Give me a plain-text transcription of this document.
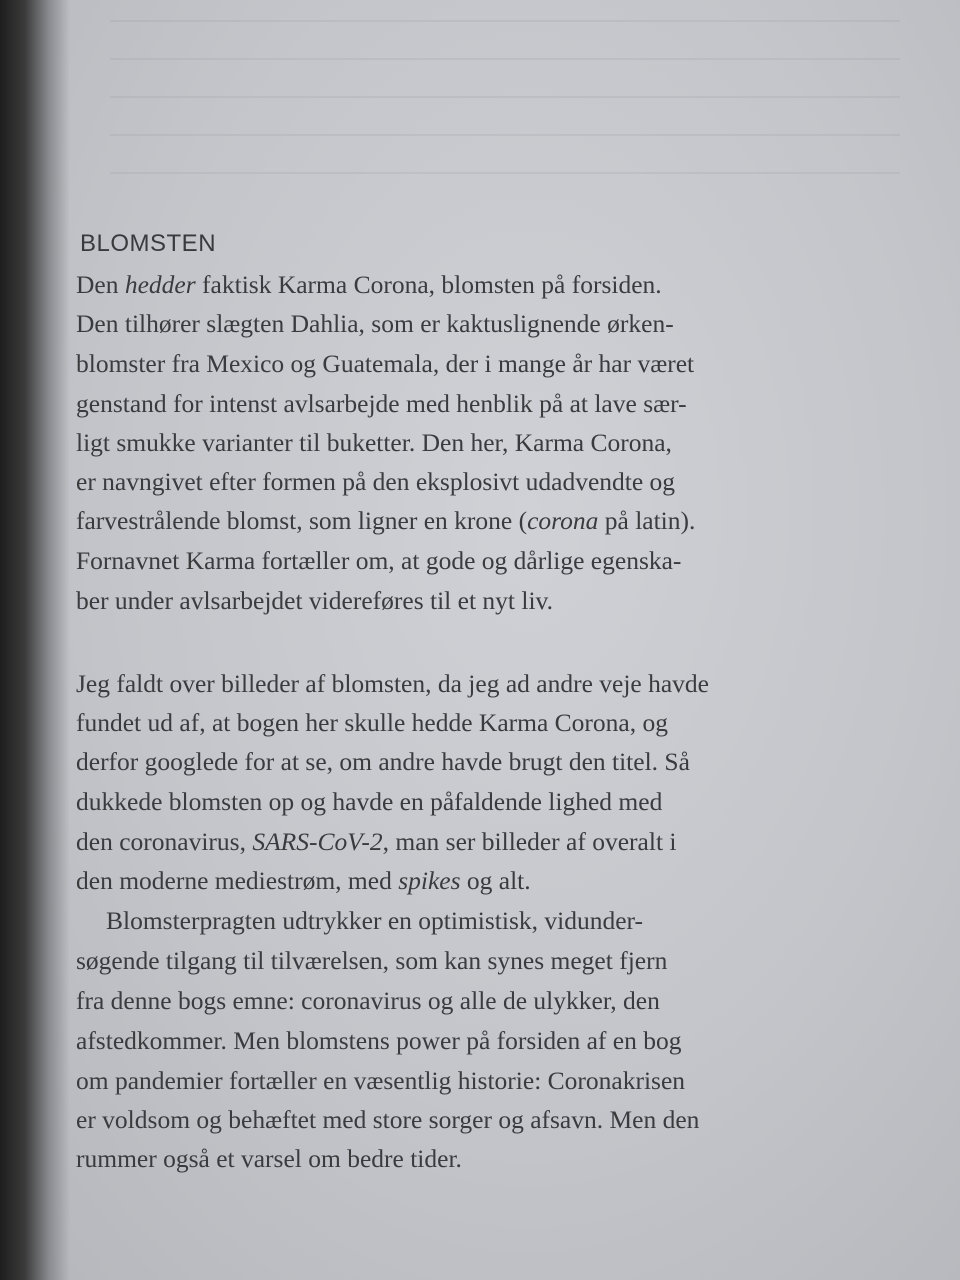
BLOMSTEN
Den hedder faktisk Karma Corona, blomsten på forsiden.
Den tilhører slægten Dahlia, som er kaktuslignende ørken-
blomster fra Mexico og Guatemala, der i mange år har været
genstand for intenst avlsarbejde med henblik på at lave sær-
ligt smukke varianter til buketter. Den her, Karma Corona,
er navngivet efter formen på den eksplosivt udadvendte og
farvestrålende blomst, som ligner en krone (corona på latin).
Fornavnet Karma fortæller om, at gode og dårlige egenska-
ber under avlsarbejdet videreføres til et nyt liv.
Jeg faldt over billeder af blomsten, da jeg ad andre veje havde
fundet ud af, at bogen her skulle hedde Karma Corona, og
derfor googlede for at se, om andre havde brugt den titel. Så
dukkede blomsten op og havde en påfaldende lighed med
den coronavirus, SARS-CoV-2, man ser billeder af overalt i
den moderne mediestrøm, med spikes og alt.
Blomsterpragten udtrykker en optimistisk, vidunder-
søgende tilgang til tilværelsen, som kan synes meget fjern
fra denne bogs emne: coronavirus og alle de ulykker, den
afstedkommer. Men blomstens power på forsiden af en bog
om pandemier fortæller en væsentlig historie: Coronakrisen
er voldsom og behæftet med store sorger og afsavn. Men den
rummer også et varsel om bedre tider.
